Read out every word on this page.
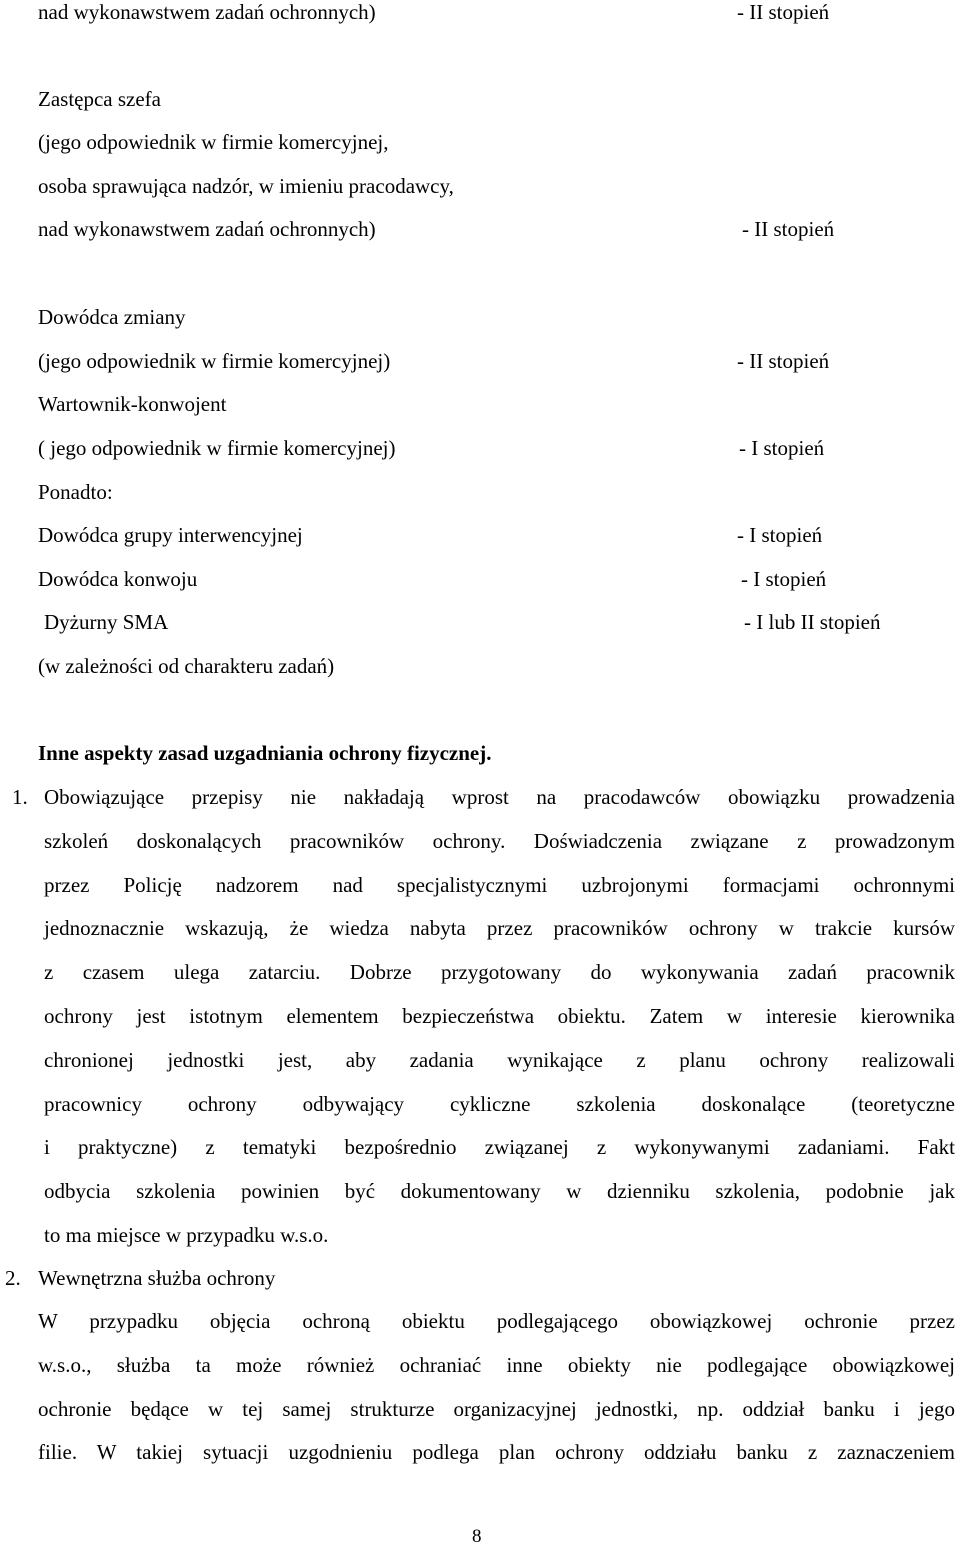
nad wykonawstwem zadań ochronnych)	- II stopień
Zastępca szefa
(jego odpowiednik w firmie komercyjnej,
osoba sprawująca nadzór, w imieniu pracodawcy,
nad wykonawstwem zadań ochronnych)	- II stopień
Dowódca zmiany
(jego odpowiednik w firmie komercyjnej)
Wartownik-konwojent
( jego odpowiednik w firmie komercyjnej)
Ponadto:
Dowódca grupy interwencyjnej
Dowódca konwoju
Dyżurny SMA
(w zależności od charakteru zadań)
- II stopień
- I stopień
- I stopień
- I stopień
- I lub II stopień
Inne aspekty zasad uzgadniania ochrony fizycznej.
1. Obowiązujące przepisy nie nakładają wprost na pracodawców obowiązku prowadzenia
szkoleń doskonalących pracowników ochrony. Doświadczenia związane z prowadzonym
przez Policję nadzorem nad specjalistycznymi uzbrojonymi formacjami ochronnymi
jednoznacznie wskazują, że wiedza nabyta przez pracowników ochrony w trakcie kursów
z czasem ulega zatarciu. Dobrze przygotowany do wykonywania zadań pracownik
ochrony jest istotnym elementem bezpieczeństwa obiektu. Zatem w interesie kierownika
chronionej jednostki jest, aby zadania wynikające z planu ochrony realizowali
pracownicy ochrony odbywający cykliczne szkolenia doskonalące (teoretyczne
i praktyczne) z tematyki bezpośrednio związanej z wykonywanymi zadaniami. Fakt
odbycia szkolenia powinien być dokumentowany w dzienniku szkolenia, podobnie jak
to ma miejsce w przypadku w.s.o.
2. Wewnętrzna służba ochrony
W przypadku objęcia ochroną obiektu podlegającego obowiązkowej ochronie przez
w.s.o., służba ta może również ochraniać inne obiekty nie podlegające obowiązkowej
ochronie będące w tej samej strukturze organizacyjnej jednostki, np. oddział banku i jego
filie. W takiej sytuacji uzgodnieniu podlega plan ochrony oddziału banku z zaznaczeniem
8
